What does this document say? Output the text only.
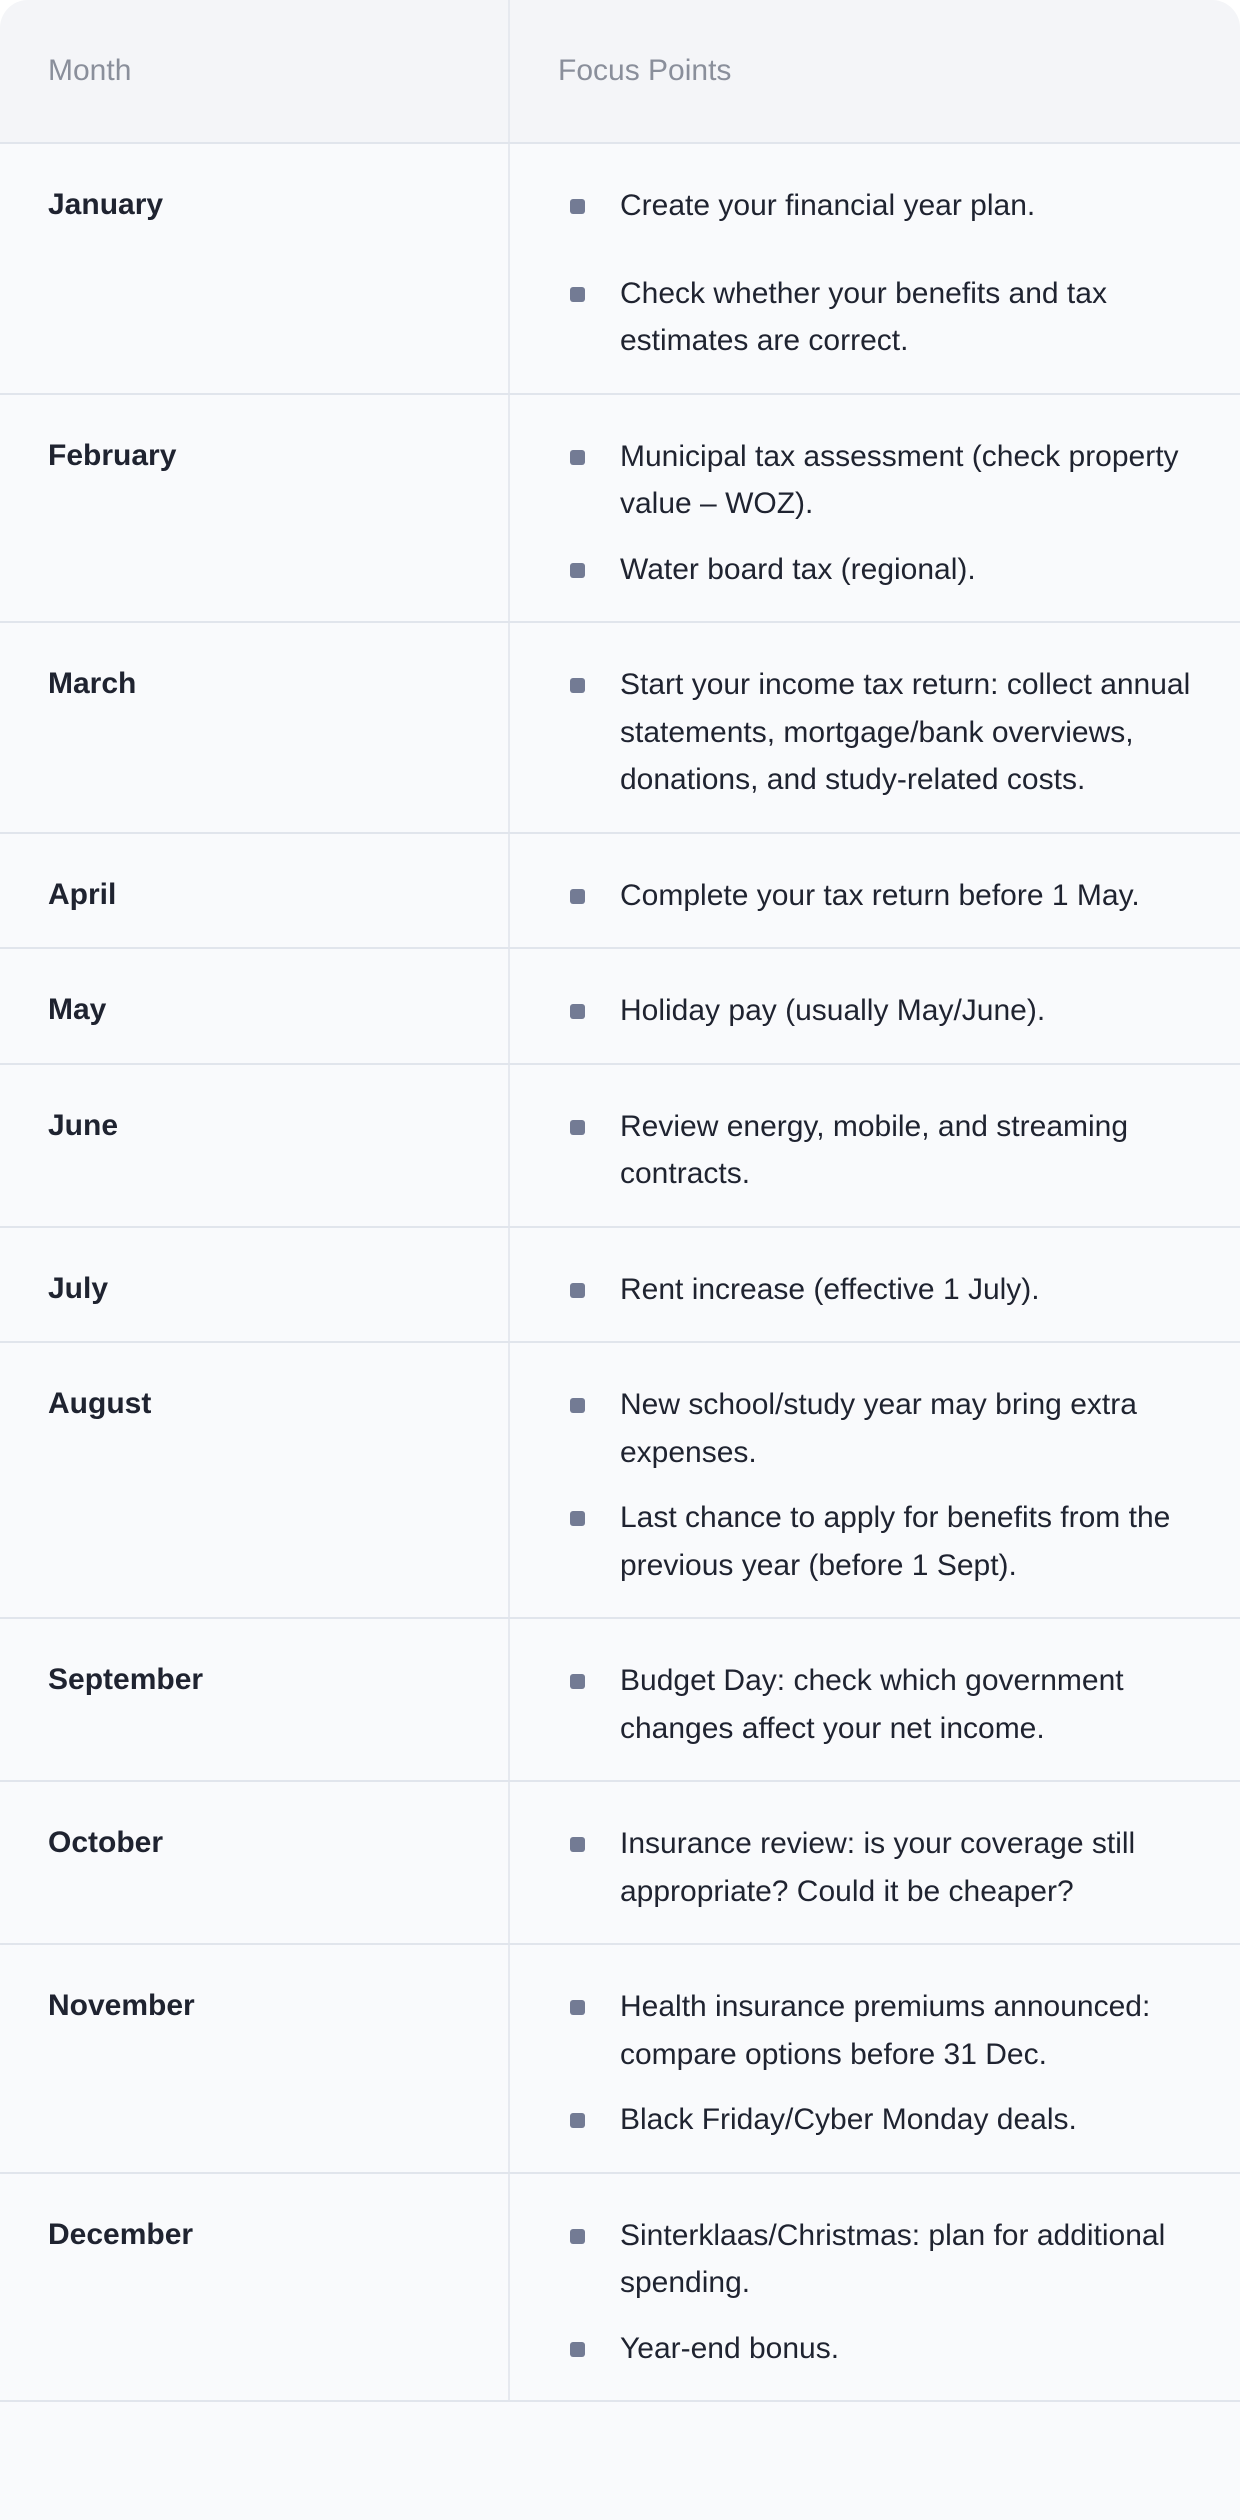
Month	Focus Points
January	Create your financial year plan.
Check whether your benefits and tax estimates are correct.
February	Municipal tax assessment (check property value – WOZ).
Water board tax (regional).
March	Start your income tax return: collect annual statements, mortgage/bank overviews, donations, and study-related costs.
April	Complete your tax return before 1 May.
May	Holiday pay (usually May/June).
June	Review energy, mobile, and streaming contracts.
July	Rent increase (effective 1 July).
August	New school/study year may bring extra expenses.
Last chance to apply for benefits from the previous year (before 1 Sept).
September	Budget Day: check which government changes affect your net income.
October	Insurance review: is your coverage still appropriate? Could it be cheaper?
November	Health insurance premiums announced: compare options before 31 Dec.
Black Friday/Cyber Monday deals.
December	Sinterklaas/Christmas: plan for additional spending.
Year-end bonus.
